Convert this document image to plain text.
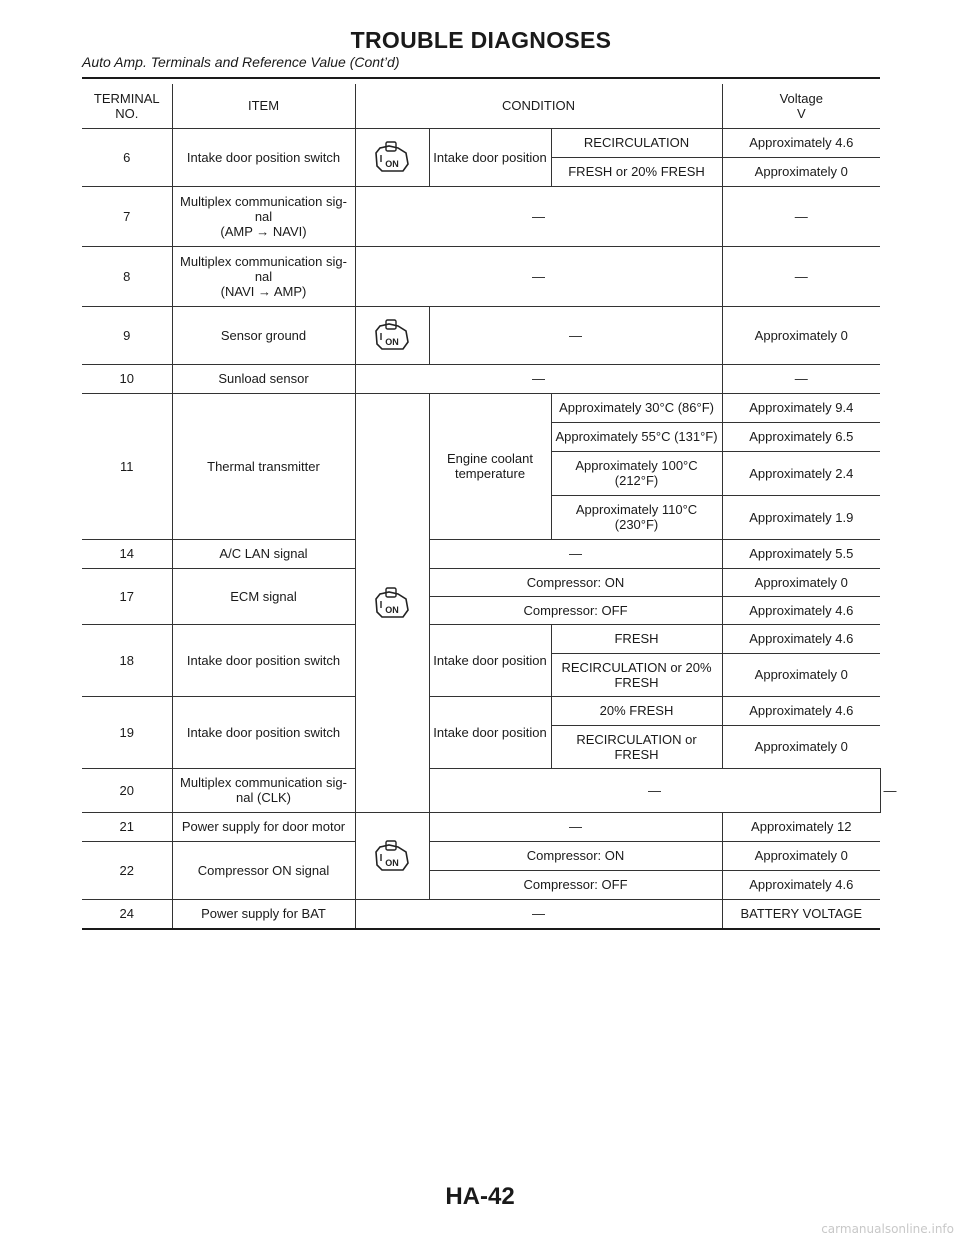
TROUBLE DIAGNOSES
Auto Amp. Terminals and Reference Value (Cont’d)
TERMINAL
NO.	ITEM	CONDITION			Voltage
V	
6	Intake door position switch	ON	Intake door position	RECIRCULATION	Approximately 4.6	
				FRESH or 20% FRESH	Approximately 0	
7	Multiplex communication sig-
nal
(AMP → NAVI)	—			—	
8	Multiplex communication sig-
nal
(NAVI → AMP)	—			—	
9	Sensor ground	ON	—		Approximately 0	
10	Sunload sensor	—			—	
11	Thermal transmitter	ON	Engine coolant
temperature	Approximately 30°C (86°F)	Approximately 9.4	
				Approximately 55°C (131°F)	Approximately 6.5	
				Approximately 100°C
(212°F)	Approximately 2.4	
				Approximately 110°C
(230°F)	Approximately 1.9	
14	A/C LAN signal		—		Approximately 5.5	
17	ECM signal		Compressor: ON		Approximately 0	
			Compressor: OFF		Approximately 4.6	
18	Intake door position switch		Intake door position	FRESH	Approximately 4.6	
				RECIRCULATION or 20%
FRESH	Approximately 0	
19	Intake door position switch		Intake door position	20% FRESH	Approximately 4.6	
				RECIRCULATION or
FRESH	Approximately 0	
20	Multiplex communication sig-
nal (CLK)		—			—
21	Power supply for door motor	ON	—		Approximately 12	
22	Compressor ON signal		Compressor: ON		Approximately 0	
			Compressor: OFF		Approximately 4.6	
24	Power supply for BAT	—			BATTERY VOLTAGE	
HA-42
carmanualsonline.info
